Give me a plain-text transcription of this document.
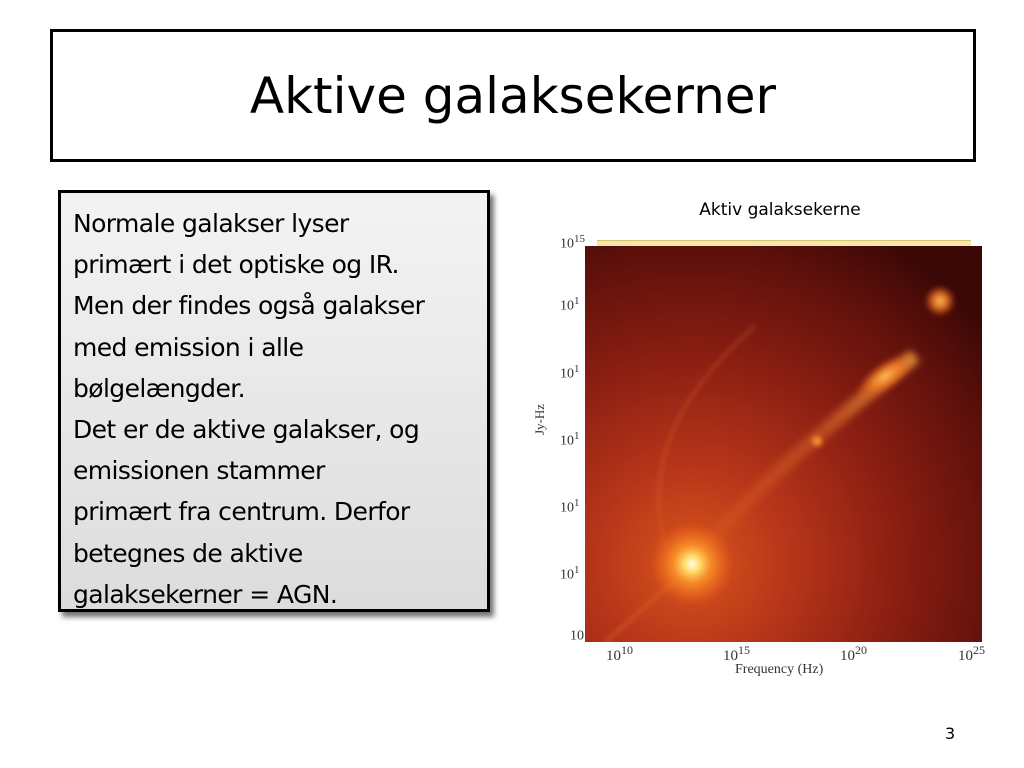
Aktive galaksekerner

Normale galakser lyser

primært i det optiske og IR.

Men der findes også galakser

med emission i alle

bølgelængder.

Det er de aktive galakser, og

emissionen stammer

primært fra centrum. Derfor

betegnes de aktive

galaksekerner = AGN.

Aktiv galaksekerne
$10^{15}$
$10^1$
$10^1$
$10^1$
$10^1$
$10^1$
10
Jy-Hz
$10^{10}$	$10^{15}$	$10^{20}$	$10^{25}$
Frequency (Hz)
3
